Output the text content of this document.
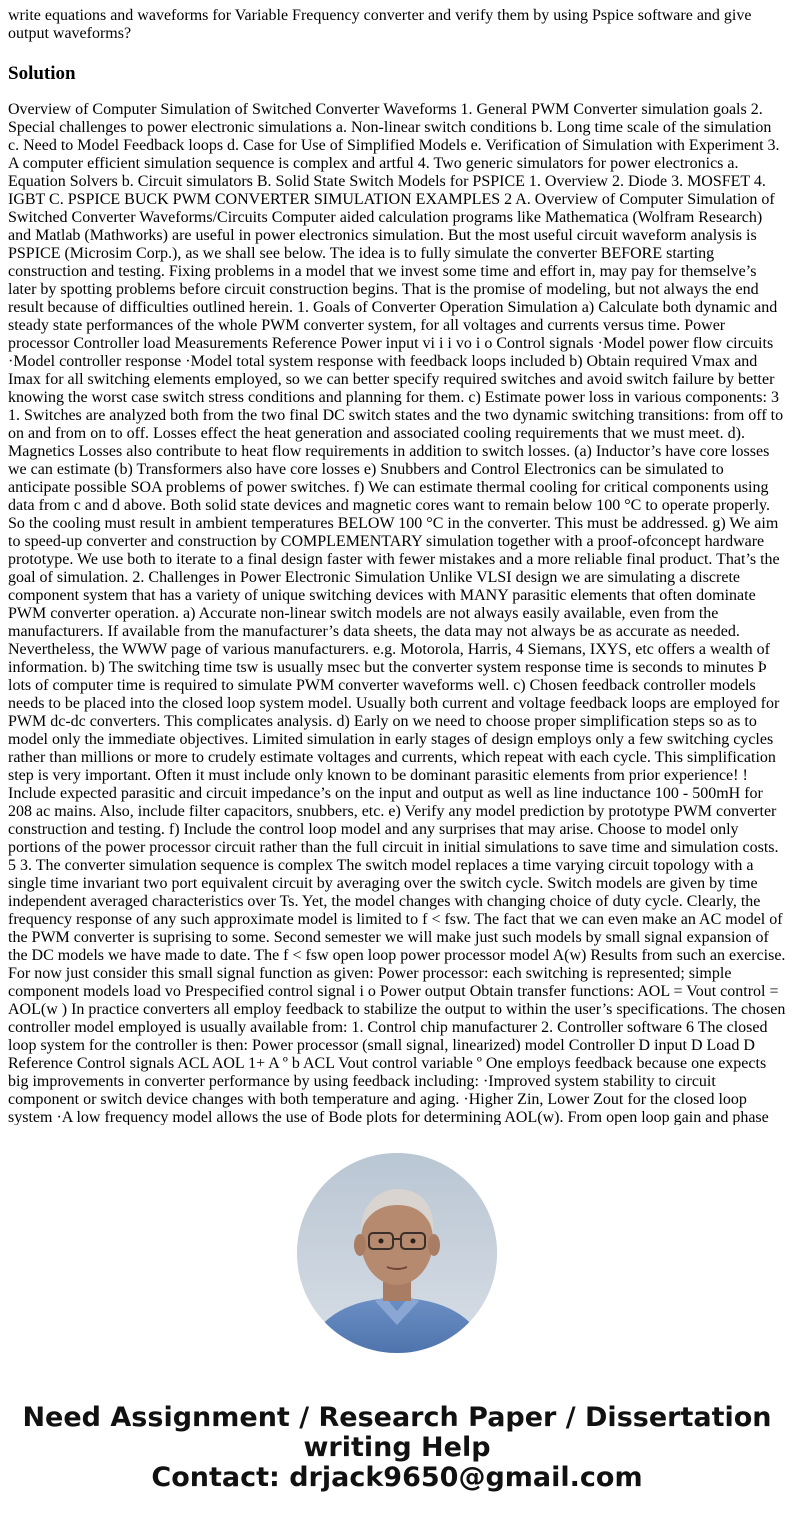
write equations and waveforms for Variable Frequency converter and verify them by using Pspice software and give output waveforms?

Solution
Overview of Computer Simulation of Switched Converter Waveforms 1. General PWM Converter simulation goals 2. Special challenges to power electronic simulations a. Non-linear switch conditions b. Long time scale of the simulation c. Need to Model Feedback loops d. Case for Use of Simplified Models e. Verification of Simulation with Experiment 3. A computer efficient simulation sequence is complex and artful 4. Two generic simulators for power electronics a. Equation Solvers b. Circuit simulators B. Solid State Switch Models for PSPICE 1. Overview 2. Diode 3. MOSFET 4. IGBT C. PSPICE BUCK PWM CONVERTER SIMULATION EXAMPLES 2 A. Overview of Computer Simulation of Switched Converter Waveforms/Circuits Computer aided calculation programs like Mathematica (Wolfram Research) and Matlab (Mathworks) are useful in power electronics simulation. But the most useful circuit waveform analysis is PSPICE (Microsim Corp.), as we shall see below. The idea is to fully simulate the converter BEFORE starting construction and testing. Fixing problems in a model that we invest some time and effort in, may pay for themselve’s later by spotting problems before circuit construction begins. That is the promise of modeling, but not always the end result because of difficulties outlined herein. 1. Goals of Converter Operation Simulation a) Calculate both dynamic and steady state performances of the whole PWM converter system, for all voltages and currents versus time. Power processor Controller load Measurements Reference Power input vi i i vo i o Control signals ·Model power flow circuits ·Model controller response ·Model total system response with feedback loops included b) Obtain required Vmax and Imax for all switching elements employed, so we can better specify required switches and avoid switch failure by better knowing the worst case switch stress conditions and planning for them. c) Estimate power loss in various components: 3 1. Switches are analyzed both from the two final DC switch states and the two dynamic switching transitions: from off to on and from on to off. Losses effect the heat generation and associated cooling requirements that we must meet. d). Magnetics Losses also contribute to heat flow requirements in addition to switch losses. (a) Inductor’s have core losses we can estimate (b) Transformers also have core losses e) Snubbers and Control Electronics can be simulated to anticipate possible SOA problems of power switches. f) We can estimate thermal cooling for critical components using data from c and d above. Both solid state devices and magnetic cores want to remain below 100 °C to operate properly. So the cooling must result in ambient temperatures BELOW 100 °C in the converter. This must be addressed. g) We aim to speed-up converter and construction by COMPLEMENTARY simulation together with a proof-ofconcept hardware prototype. We use both to iterate to a final design faster with fewer mistakes and a more reliable final product. That’s the goal of simulation. 2. Challenges in Power Electronic Simulation Unlike VLSI design we are simulating a discrete component system that has a variety of unique switching devices with MANY parasitic elements that often dominate PWM converter operation. a) Accurate non-linear switch models are not always easily available, even from the manufacturers. If available from the manufacturer’s data sheets, the data may not always be as accurate as needed. Nevertheless, the WWW page of various manufacturers. e.g. Motorola, Harris, 4 Siemans, IXYS, etc offers a wealth of information. b) The switching time tsw is usually msec but the converter system response time is seconds to minutes Þ lots of computer time is required to simulate PWM converter waveforms well. c) Chosen feedback controller models needs to be placed into the closed loop system model. Usually both current and voltage feedback loops are employed for PWM dc-dc converters. This complicates analysis. d) Early on we need to choose proper simplification steps so as to model only the immediate objectives. Limited simulation in early stages of design employs only a few switching cycles rather than millions or more to crudely estimate voltages and currents, which repeat with each cycle. This simplification step is very important. Often it must include only known to be dominant parasitic elements from prior experience! ! Include expected parasitic and circuit impedance’s on the input and output as well as line inductance 100 - 500mH for 208 ac mains. Also, include filter capacitors, snubbers, etc. e) Verify any model prediction by prototype PWM converter construction and testing. f) Include the control loop model and any surprises that may arise. Choose to model only portions of the power processor circuit rather than the full circuit in initial simulations to save time and simulation costs. 5 3. The converter simulation sequence is complex The switch model replaces a time varying circuit topology with a single time invariant two port equivalent circuit by averaging over the switch cycle. Switch models are given by time independent averaged characteristics over Ts. Yet, the model changes with changing choice of duty cycle. Clearly, the frequency response of any such approximate model is limited to f < fsw. The fact that we can even make an AC model of the PWM converter is suprising to some. Second semester we will make just such models by small signal expansion of the DC models we have made to date. The f < fsw open loop power processor model A(w) Results from such an exercise. For now just consider this small signal function as given: Power processor: each switching is represented; simple component models load vo Prespecified control signal i o Power output Obtain transfer functions: AOL = Vout control = AOL(w ) In practice converters all employ feedback to stabilize the output to within the user’s specifications. The chosen controller model employed is usually available from: 1. Control chip manufacturer 2. Controller software 6 The closed loop system for the controller is then: Power processor (small signal, linearized) model Controller D input D Load D Reference Control signals ACL AOL 1+ A º b ACL Vout control variable º One employs feedback because one expects big improvements in converter performance by using feedback including: ·Improved system stability to circuit component or switch device changes with both temperature and aging. ·Higher Zin, Lower Zout for the closed loop system ·A low frequency model allows the use of Bode plots for determining AOL(w). From open loop gain and phase
Need Assignment / Research Paper / Dissertation
writing Help
Contact: drjack9650@gmail.com
